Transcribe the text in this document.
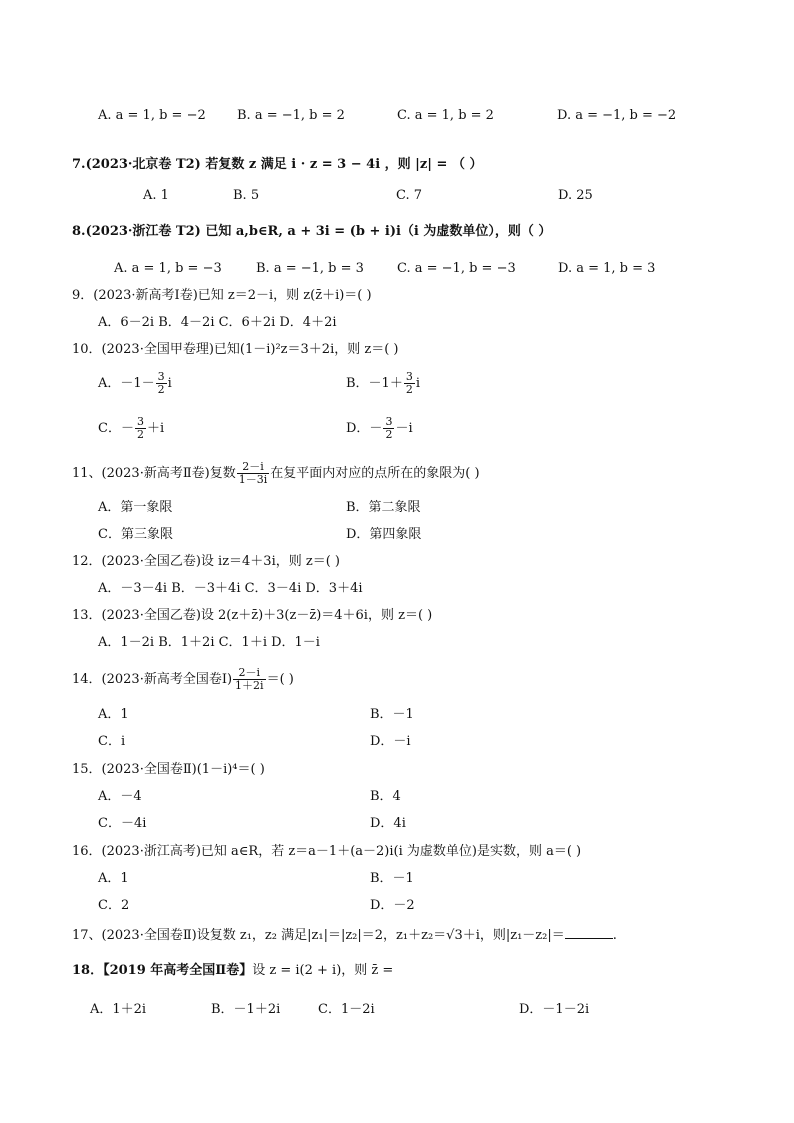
A. a = 1, b = −2 B. a = −1, b = 2	C. a = 1, b = 2	D. a = −1, b = −2
7.(2023·北京卷 T2) 若复数 z 满足 i · z = 3 − 4i ，则 |z| = （ ）
A. 1	B. 5	C. 7	D. 25
8.(2023·浙江卷 T2) 已知 a,b∈R, a + 3i = (b + i)i（i 为虚数单位），则（ ）
A. a = 1, b = −3	B. a = −1, b = 3	C. a = −1, b = −3	D. a = 1, b = 3
9．(2023·新高考Ⅰ卷)已知 z＝2－i，则 z(z̄＋i)＝( )
A．6－2i B．4－2i C．6＋2i D．4＋2i
10．(2023·全国甲卷理)已知(1－i)²z＝3＋2i，则 z＝( )
A．$-1- \frac{3}{2}$ i	B．$-1+ \frac{3}{2}$ i
C．－ $\frac{3}{2} +i$	D．－ $\frac{3}{2} -i$
11、(2023·新高考Ⅱ卷)复数 $\frac{2-i}{1-3i}$ 在复平面内对应的点所在的象限为( )
A．第一象限	B．第二象限
C．第三象限	D．第四象限
12．(2023·全国乙卷)设 iz＝4＋3i，则 z＝( )
A．－3－4i B．－3＋4i C．3－4i D．3＋4i
13．(2023·全国乙卷)设 2(z＋z̄)＋3(z－z̄)＝4＋6i，则 z＝( )
A．1－2i B．1＋2i C．1＋i D．1－i
14．(2023·新高考全国卷Ⅰ) $\frac{2-i}{1+2i}$ ＝( )
A．1	B．－1
C．i	D．－i
15．(2023·全国卷Ⅱ)(1－i)⁴＝( )
A．－4	B．4
C．－4i	D．4i
16．(2023·浙江高考)已知 a∈R，若 z＝a－1＋(a－2)i(i 为虚数单位)是实数，则 a＝( )
A．1	B．－1
C．2	D．－2
17、(2023·全国卷Ⅱ)设复数 z₁，z₂ 满足|z₁|＝|z₂|＝2，z₁＋z₂＝√3＋i，则|z₁－z₂|＝	.
18．【2019 年高考全国Ⅱ卷】设 z = i(2 + i)，则 z̄ =
A．1＋2i	B．－1＋2i	C．1－2i	D．－1－2i
